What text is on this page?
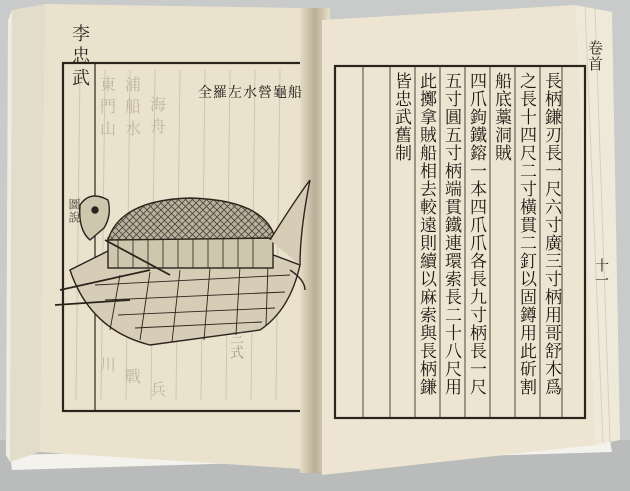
東
門
山
浦
船
水
海
舟
川
戰
兵
李
忠
武
全羅左水營龜船
圖說
三式
卷首
十一
長柄鎌刃長一尺六寸廣三寸柄用哥舒木爲
之長十四尺二寸橫貫二釘以固鐏用此斫割
船底藁洞賊
四爪鉤鐵鎔一本四爪爪各長九寸柄長一尺
五寸圓五寸柄端貫鐵連環索長二十八尺用
此擲拿賊船相去較遠則續以麻索與長柄鎌
皆忠武舊制
